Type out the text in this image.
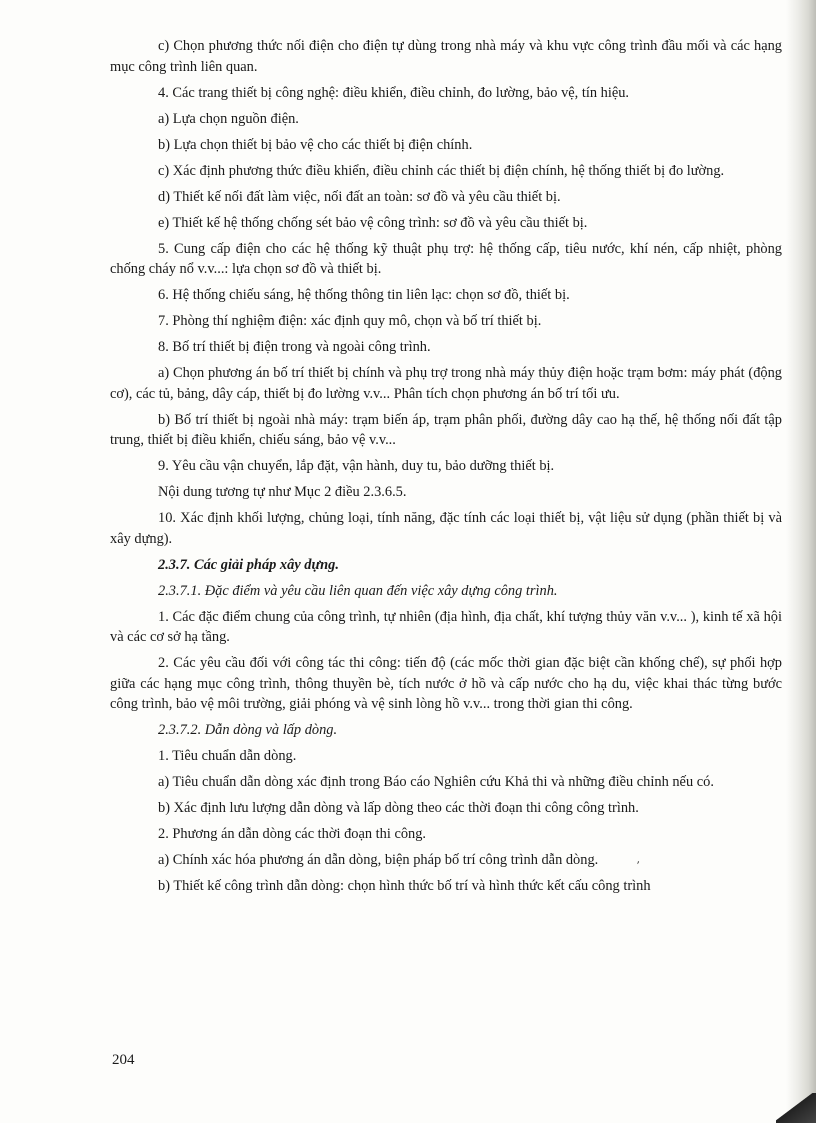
c) Chọn phương thức nối điện cho điện tự dùng trong nhà máy và khu vực công trình đầu mối và các hạng mục công trình liên quan.

4. Các trang thiết bị công nghệ: điều khiển, điều chỉnh, đo lường, bảo vệ, tín hiệu.

a) Lựa chọn nguồn điện.

b) Lựa chọn thiết bị bảo vệ cho các thiết bị điện chính.

c) Xác định phương thức điều khiển, điều chỉnh các thiết bị điện chính, hệ thống thiết bị đo lường.

d) Thiết kế nối đất làm việc, nối đất an toàn: sơ đồ và yêu cầu thiết bị.

e) Thiết kế hệ thống chống sét bảo vệ công trình: sơ đồ và yêu cầu thiết bị.

5. Cung cấp điện cho các hệ thống kỹ thuật phụ trợ: hệ thống cấp, tiêu nước, khí nén, cấp nhiệt, phòng chống cháy nổ v.v...: lựa chọn sơ đồ và thiết bị.

6. Hệ thống chiếu sáng, hệ thống thông tin liên lạc: chọn sơ đồ, thiết bị.

7. Phòng thí nghiệm điện: xác định quy mô, chọn và bố trí thiết bị.

8. Bố trí thiết bị điện trong và ngoài công trình.

a) Chọn phương án bố trí thiết bị chính và phụ trợ trong nhà máy thủy điện hoặc trạm bơm: máy phát (động cơ), các tủ, bảng, dây cáp, thiết bị đo lường v.v... Phân tích chọn phương án bố trí tối ưu.

b) Bố trí thiết bị ngoài nhà máy: trạm biến áp, trạm phân phối, đường dây cao hạ thế, hệ thống nối đất tập trung, thiết bị điều khiển, chiếu sáng, bảo vệ v.v...

9. Yêu cầu vận chuyển, lắp đặt, vận hành, duy tu, bảo dưỡng thiết bị.

Nội dung tương tự như Mục 2 điều 2.3.6.5.

10. Xác định khối lượng, chủng loại, tính năng, đặc tính các loại thiết bị, vật liệu sử dụng (phần thiết bị và xây dựng).

2.3.7. Các giải pháp xây dựng.

2.3.7.1. Đặc điểm và yêu cầu liên quan đến việc xây dựng công trình.

1. Các đặc điểm chung của công trình, tự nhiên (địa hình, địa chất, khí tượng thủy văn v.v... ), kinh tế xã hội và các cơ sở hạ tầng.

2. Các yêu cầu đối với công tác thi công: tiến độ (các mốc thời gian đặc biệt cần khống chế), sự phối hợp giữa các hạng mục công trình, thông thuyền bè, tích nước ở hồ và cấp nước cho hạ du, việc khai thác từng bước công trình, bảo vệ môi trường, giải phóng và vệ sinh lòng hồ v.v... trong thời gian thi công.

2.3.7.2. Dẫn dòng và lấp dòng.

1. Tiêu chuẩn dẫn dòng.

a) Tiêu chuẩn dẫn dòng xác định trong Báo cáo Nghiên cứu Khả thi và những điều chỉnh nếu có.

b) Xác định lưu lượng dẫn dòng và lấp dòng theo các thời đoạn thi công công trình.

2. Phương án dẫn dòng các thời đoạn thi công.

a) Chính xác hóa phương án dẫn dòng, biện pháp bố trí công trình dẫn dòng.

b) Thiết kế công trình dẫn dòng: chọn hình thức bố trí và hình thức kết cấu công trình

'
204
